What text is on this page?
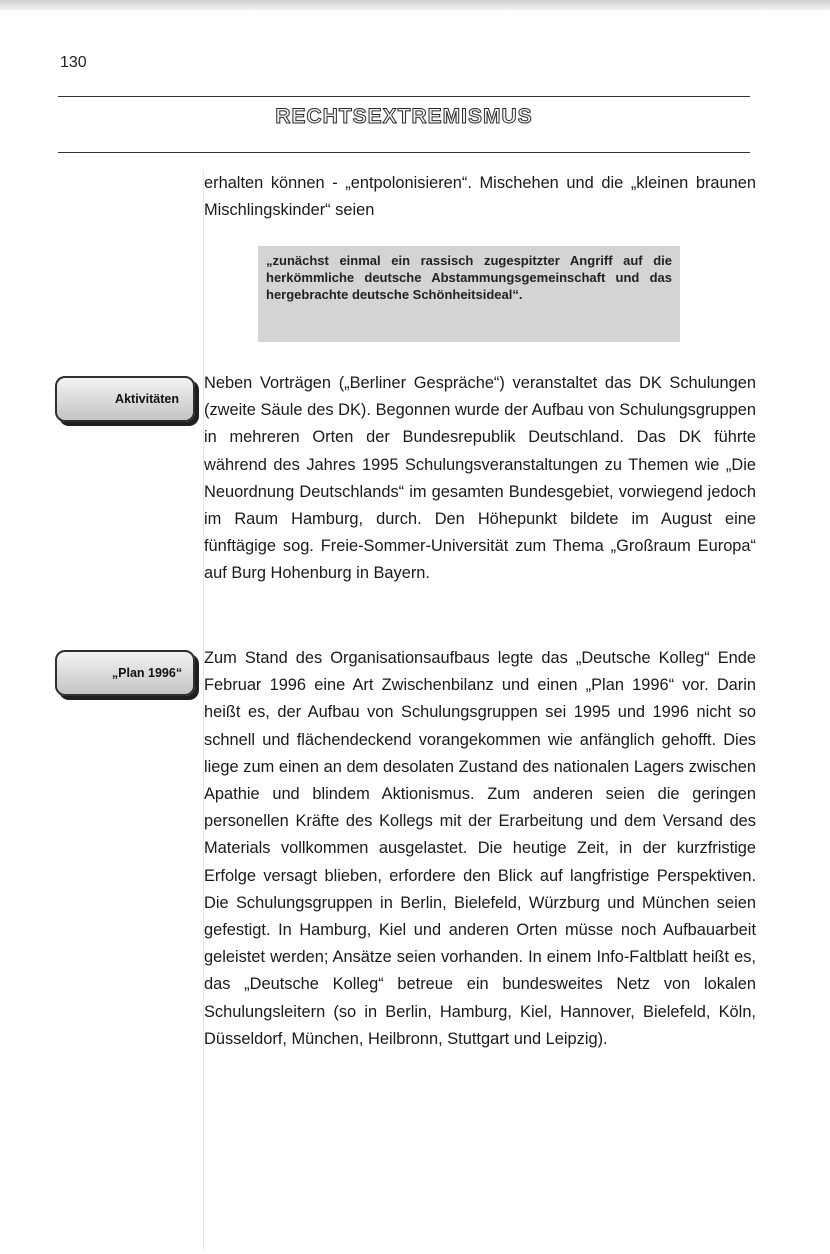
130
RECHTSEXTREMISMUS

erhalten können - „entpolonisieren“. Mischehen und die „kleinen braunen Mischlingskinder“ seien

„zunächst einmal ein rassisch zugespitzter Angriff auf die herkömmliche deutsche Abstammungsgemeinschaft und das hergebrachte deutsche Schönheitsideal“.
Aktivitäten

Neben Vorträgen („Berliner Gespräche“) veranstaltet das DK Schulungen (zweite Säule des DK). Begonnen wurde der Aufbau von Schulungsgruppen in mehreren Orten der Bundesrepublik Deutschland. Das DK führte während des Jahres 1995 Schulungsveranstaltungen zu Themen wie „Die Neuordnung Deutschlands“ im gesamten Bundesgebiet, vorwiegend jedoch im Raum Hamburg, durch. Den Höhepunkt bildete im August eine fünftägige sog. Freie-Sommer-Universität zum Thema „Großraum Europa“ auf Burg Hohenburg in Bayern.

„Plan 1996“

Zum Stand des Organisationsaufbaus legte das „Deutsche Kolleg“ Ende Februar 1996 eine Art Zwischenbilanz und einen „Plan 1996“ vor. Darin heißt es, der Aufbau von Schulungsgruppen sei 1995 und 1996 nicht so schnell und flächendeckend vorangekommen wie anfänglich gehofft. Dies liege zum einen an dem desolaten Zustand des nationalen Lagers zwischen Apathie und blindem Aktionismus. Zum anderen seien die geringen personellen Kräfte des Kollegs mit der Erarbeitung und dem Versand des Materials vollkommen ausgelastet. Die heutige Zeit, in der kurzfristige Erfolge versagt blieben, erfordere den Blick auf langfristige Perspektiven. Die Schulungsgruppen in Berlin, Bielefeld, Würzburg und München seien gefestigt. In Hamburg, Kiel und anderen Orten müsse noch Aufbauarbeit geleistet werden; Ansätze seien vorhanden. In einem Info-Faltblatt heißt es, das „Deutsche Kolleg“ betreue ein bundesweites Netz von lokalen Schulungsleitern (so in Berlin, Hamburg, Kiel, Hannover, Bielefeld, Köln, Düsseldorf, München, Heilbronn, Stuttgart und Leipzig).
